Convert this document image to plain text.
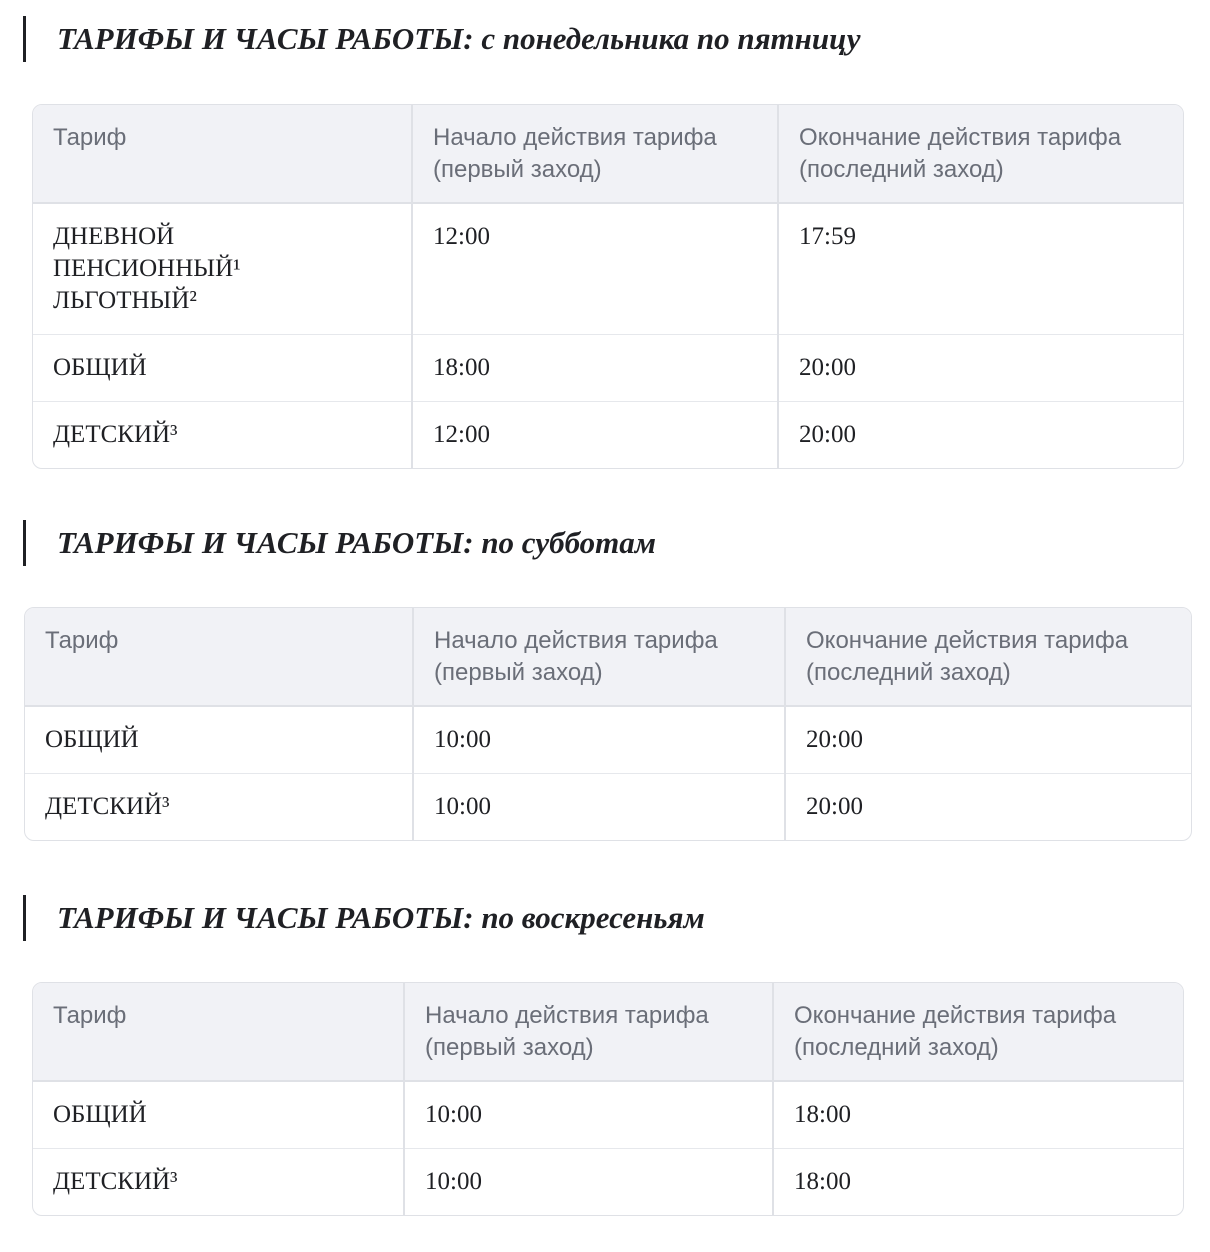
ТАРИФЫ И ЧАСЫ РАБОТЫ: с понедельника по пятницу
Тариф	Начало действия тарифа (первый заход)	Окончание действия тарифа (последний заход)

ДНЕВНОЙ
ПЕНСИОННЫЙ¹
ЛЬГОТНЫЙ²	12:00	17:59

ОБЩИЙ	18:00	20:00

ДЕТСКИЙ³	12:00	20:00
ТАРИФЫ И ЧАСЫ РАБОТЫ: по субботам
Тариф	Начало действия тарифа (первый заход)	Окончание действия тарифа (последний заход)

ОБЩИЙ	10:00	20:00

ДЕТСКИЙ³	10:00	20:00
ТАРИФЫ И ЧАСЫ РАБОТЫ: по воскресеньям
Тариф	Начало действия тарифа (первый заход)	Окончание действия тарифа (последний заход)

ОБЩИЙ	10:00	18:00

ДЕТСКИЙ³	10:00	18:00
